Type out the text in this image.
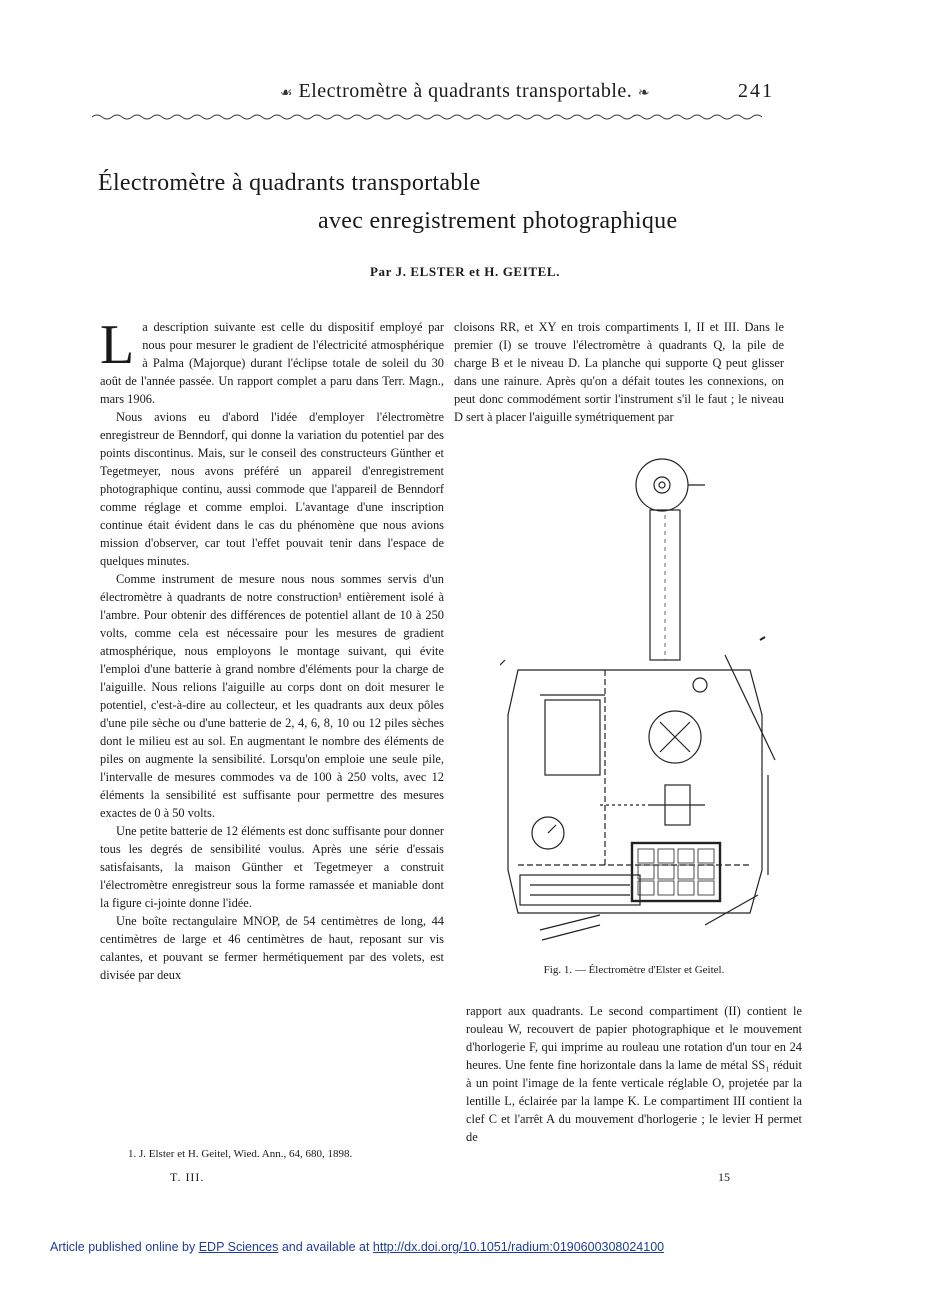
☙ Electromètre à quadrants transportable. ❧	241
Électromètre à quadrants transportable
avec enregistrement photographique
Par J. ELSTER et H. GEITEL.

La description suivante est celle du dispositif employé par nous pour mesurer le gradient de l'électricité atmosphérique à Palma (Majorque) durant l'éclipse totale de soleil du 30 août de l'année passée. Un rapport complet a paru dans Terr. Magn., mars 1906.

Nous avions eu d'abord l'idée d'employer l'électromètre enregistreur de Benndorf, qui donne la variation du potentiel par des points discontinus. Mais, sur le conseil des constructeurs Günther et Tegetmeyer, nous avons préféré un appareil d'enregistrement photographique continu, aussi commode que l'appareil de Benndorf comme réglage et comme emploi. L'avantage d'une inscription continue était évident dans le cas du phénomène que nous avions mission d'observer, car tout l'effet pouvait tenir dans l'espace de quelques minutes.

Comme instrument de mesure nous nous sommes servis d'un électromètre à quadrants de notre construction¹ entièrement isolé à l'ambre. Pour obtenir des différences de potentiel allant de 10 à 250 volts, comme cela est nécessaire pour les mesures de gradient atmosphérique, nous employons le montage suivant, qui évite l'emploi d'une batterie à grand nombre d'éléments pour la charge de l'aiguille. Nous relions l'aiguille au corps dont on doit mesurer le potentiel, c'est-à-dire au collecteur, et les quadrants aux deux pôles d'une pile sèche ou d'une batterie de 2, 4, 6, 8, 10 ou 12 piles sèches dont le milieu est au sol. En augmentant le nombre des éléments de piles on augmente la sensibilité. Lorsqu'on emploie une seule pile, l'intervalle de mesures commodes va de 100 à 250 volts, avec 12 éléments la sensibilité est suffisante pour permettre des mesures exactes de 0 à 50 volts.

Une petite batterie de 12 éléments est donc suffisante pour donner tous les degrés de sensibilité voulus. Après une série d'essais satisfaisants, la maison Günther et Tegetmeyer a construit l'électromètre enregistreur sous la forme ramassée et maniable dont la figure ci-jointe donne l'idée.

Une boîte rectangulaire MNOP, de 54 centimètres de long, 44 centimètres de large et 46 centimètres de haut, reposant sur vis calantes, et pouvant se fermer hermétiquement par des volets, est divisée par deux

cloisons RR, et XY en trois compartiments I, II et III. Dans le premier (I) se trouve l'électromètre à quadrants Q, la pile de charge B et le niveau D. La planche qui supporte Q peut glisser dans une rainure. Après qu'on a défait toutes les connexions, on peut donc commodément sortir l'instrument s'il le faut ; le niveau D sert à placer l'aiguille symétriquement par

Fig. 1. — Électromètre d'Elster et Geitel.

rapport aux quadrants. Le second compartiment (II) contient le rouleau W, recouvert de papier photographique et le mouvement d'horlogerie F, qui imprime au rouleau une rotation d'un tour en 24 heures. Une fente fine horizontale dans la lame de métal SS₁ réduit à un point l'image de la fente verticale réglable O, projetée par la lentille L, éclairée par la lampe K. Le compartiment III contient la clef C et l'arrêt A du mouvement d'horlogerie ; le levier H permet de

1. J. Elster et H. Geitel, Wied. Ann., 64, 680, 1898.
T. III.	15
Article published online by EDP Sciences and available at http://dx.doi.org/10.1051/radium:0190600308024100
